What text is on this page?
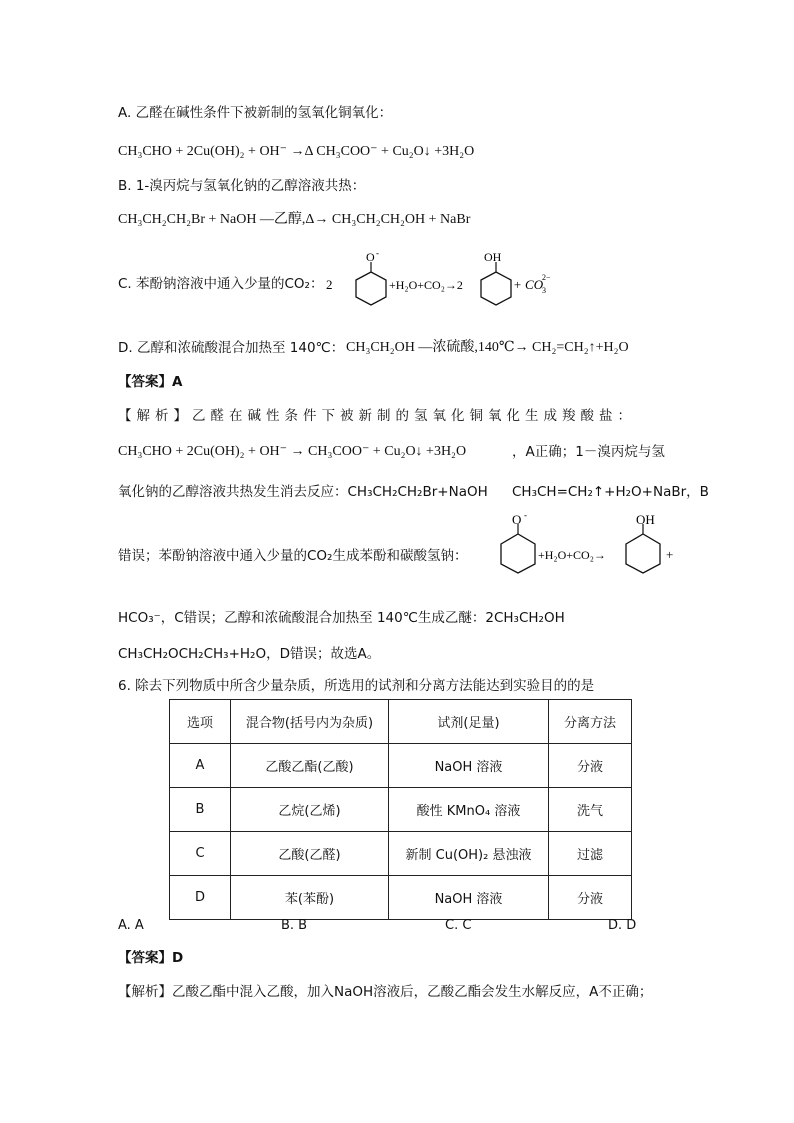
A. 乙醛在碱性条件下被新制的氢氧化铜氧化：
CH₃CHO + 2Cu(OH)₂ + OH⁻ →Δ CH₃COO⁻ + Cu₂O↓ +3H₂O
B. 1-溴丙烷与氢氧化钠的乙醇溶液共热：
CH₃CH₂CH₂Br + NaOH —乙醇,Δ→ CH₃CH₂CH₂OH + NaBr
C. 苯酚钠溶液中通入少量的CO₂： 2
O -
+H₂O+CO₂→2
OH
+ CO
3
2−
D. 乙醇和浓硫酸混合加热至 140℃： CH₃CH₂OH —浓硫酸,140℃→ CH₂=CH₂↑+H₂O
【答案】A
【解析】乙醛在碱性条件下被新制的氢氧化铜氧化生成羧酸盐：
CH₃CHO + 2Cu(OH)₂ + OH⁻ → CH₃COO⁻ + Cu₂O↓ +3H₂O	，A正确；1－溴丙烷与氢
氧化钠的乙醇溶液共热发生消去反应：CH₃CH₂CH₂Br+NaOH CH₃CH=CH₂↑+H₂O+NaBr，B
错误；苯酚钠溶液中通入少量的CO₂生成苯酚和碳酸氢钠：
O -
+H₂O+CO₂→
OH
+
HCO₃⁻，C错误；乙醇和浓硫酸混合加热至 140℃生成乙醚：2CH₃CH₂OH
CH₃CH₂OCH₂CH₃+H₂O，D错误；故选A。
6. 除去下列物质中所含少量杂质，所选用的试剂和分离方法能达到实验目的的是
选项	混合物(括号内为杂质)	试剂(足量)	分离方法
A	乙酸乙酯(乙酸)	NaOH 溶液	分液
B	乙烷(乙烯)	酸性 KMnO₄ 溶液	洗气
C	乙酸(乙醛)	新制 Cu(OH)₂ 悬浊液	过滤
D	苯(苯酚)	NaOH 溶液	分液
A. A	B. B	C. C	D. D
【答案】D
【解析】乙酸乙酯中混入乙酸，加入NaOH溶液后，乙酸乙酯会发生水解反应，A不正确；
